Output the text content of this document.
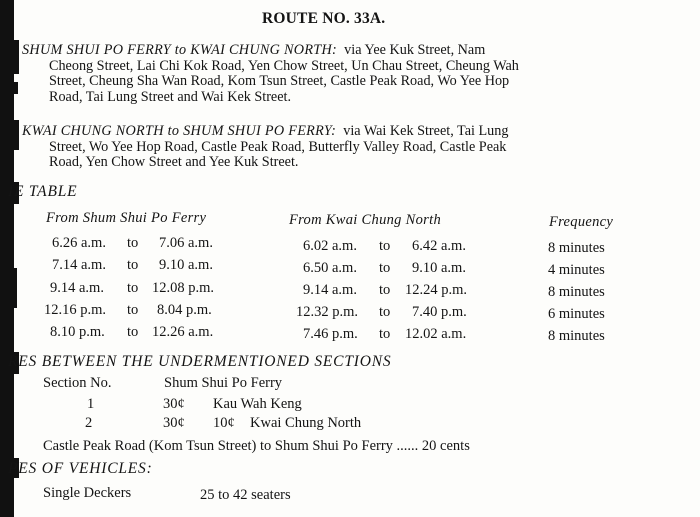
ROUTE NO. 33A.
SHUM SHUI PO FERRY to KWAI CHUNG NORTH: via Yee Kuk Street, Nam
Cheong Street, Lai Chi Kok Road, Yen Chow Street, Un Chau Street, Cheung Wah
Street, Cheung Sha Wan Road, Kom Tsun Street, Castle Peak Road, Wo Yee Hop
Road, Tai Lung Street and Wai Kek Street.
KWAI CHUNG NORTH to SHUM SHUI PO FERRY: via Wai Kek Street, Tai Lung
Street, Wo Yee Hop Road, Castle Peak Road, Butterfly Valley Road, Castle Peak
Road, Yen Chow Street and Yee Kuk Street.
IE TABLE
From Shum Shui Po Ferry	From Kwai Chung North	Frequency
6.26 a.m. to 7.06 a.m.	6.02 a.m. to 6.42 a.m.	8 minutes
7.14 a.m. to 9.10 a.m.	6.50 a.m. to 9.10 a.m.	4 minutes
9.14 a.m. to 12.08 p.m.	9.14 a.m. to 12.24 p.m.	8 minutes
12.16 p.m. to 8.04 p.m.	12.32 p.m. to 7.40 p.m.	6 minutes
8.10 p.m. to 12.26 a.m.	7.46 p.m. to 12.02 a.m.	8 minutes
RES BETWEEN THE UNDERMENTIONED SECTIONS
Section No.	Shum Shui Po Ferry
1	30¢ Kau Wah Keng
2	30¢ 10¢ Kwai Chung North
Castle Peak Road (Kom Tsun Street) to Shum Shui Po Ferry ...... 20 cents
PES OF VEHICLES:
Single Deckers	25 to 42 seaters
